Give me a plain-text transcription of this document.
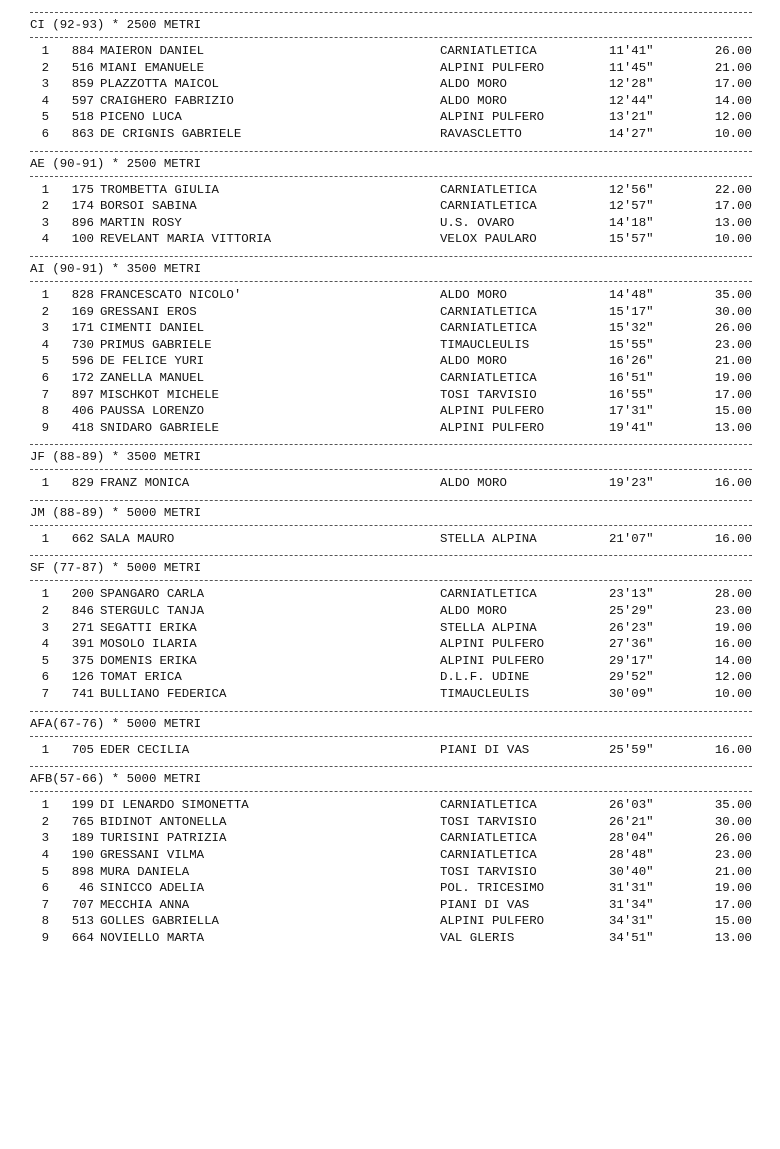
CI (92-93) * 2500 METRI
1	884 MAIERON DANIEL	CARNIATLETICA	11'41"	26.00
2	516 MIANI EMANUELE	ALPINI PULFERO	11'45"	21.00
3	859 PLAZZOTTA MAICOL	ALDO MORO	12'28"	17.00
4	597 CRAIGHERO FABRIZIO	ALDO MORO	12'44"	14.00
5	518 PICENO LUCA	ALPINI PULFERO	13'21"	12.00
6	863 DE CRIGNIS GABRIELE	RAVASCLETTO	14'27"	10.00
AE (90-91) * 2500 METRI
1	175 TROMBETTA GIULIA	CARNIATLETICA	12'56"	22.00
2	174 BORSOI SABINA	CARNIATLETICA	12'57"	17.00
3	896 MARTIN ROSY	U.S. OVARO	14'18"	13.00
4	100 REVELANT MARIA VITTORIA	VELOX PAULARO	15'57"	10.00
AI (90-91) * 3500 METRI
1	828 FRANCESCATO NICOLO'	ALDO MORO	14'48"	35.00
2	169 GRESSANI EROS	CARNIATLETICA	15'17"	30.00
3	171 CIMENTI DANIEL	CARNIATLETICA	15'32"	26.00
4	730 PRIMUS GABRIELE	TIMAUCLEULIS	15'55"	23.00
5	596 DE FELICE YURI	ALDO MORO	16'26"	21.00
6	172 ZANELLA MANUEL	CARNIATLETICA	16'51"	19.00
7	897 MISCHKOT MICHELE	TOSI TARVISIO	16'55"	17.00
8	406 PAUSSA LORENZO	ALPINI PULFERO	17'31"	15.00
9	418 SNIDARO GABRIELE	ALPINI PULFERO	19'41"	13.00
JF (88-89) * 3500 METRI
1	829 FRANZ MONICA	ALDO MORO	19'23"	16.00
JM (88-89) * 5000 METRI
1	662 SALA MAURO	STELLA ALPINA	21'07"	16.00
SF (77-87) * 5000 METRI
1	200 SPANGARO CARLA	CARNIATLETICA	23'13"	28.00
2	846 STERGULC TANJA	ALDO MORO	25'29"	23.00
3	271 SEGATTI ERIKA	STELLA ALPINA	26'23"	19.00
4	391 MOSOLO ILARIA	ALPINI PULFERO	27'36"	16.00
5	375 DOMENIS ERIKA	ALPINI PULFERO	29'17"	14.00
6	126 TOMAT ERICA	D.L.F. UDINE	29'52"	12.00
7	741 BULLIANO FEDERICA	TIMAUCLEULIS	30'09"	10.00
AFA(67-76) * 5000 METRI
1	705 EDER CECILIA	PIANI DI VAS	25'59"	16.00
AFB(57-66) * 5000 METRI
1	199 DI LENARDO SIMONETTA	CARNIATLETICA	26'03"	35.00
2	765 BIDINOT ANTONELLA	TOSI TARVISIO	26'21"	30.00
3	189 TURISINI PATRIZIA	CARNIATLETICA	28'04"	26.00
4	190 GRESSANI VILMA	CARNIATLETICA	28'48"	23.00
5	898 MURA DANIELA	TOSI TARVISIO	30'40"	21.00
6	46 SINICCO ADELIA	POL. TRICESIMO	31'31"	19.00
7	707 MECCHIA ANNA	PIANI DI VAS	31'34"	17.00
8	513 GOLLES GABRIELLA	ALPINI PULFERO	34'31"	15.00
9	664 NOVIELLO MARTA	VAL GLERIS	34'51"	13.00
